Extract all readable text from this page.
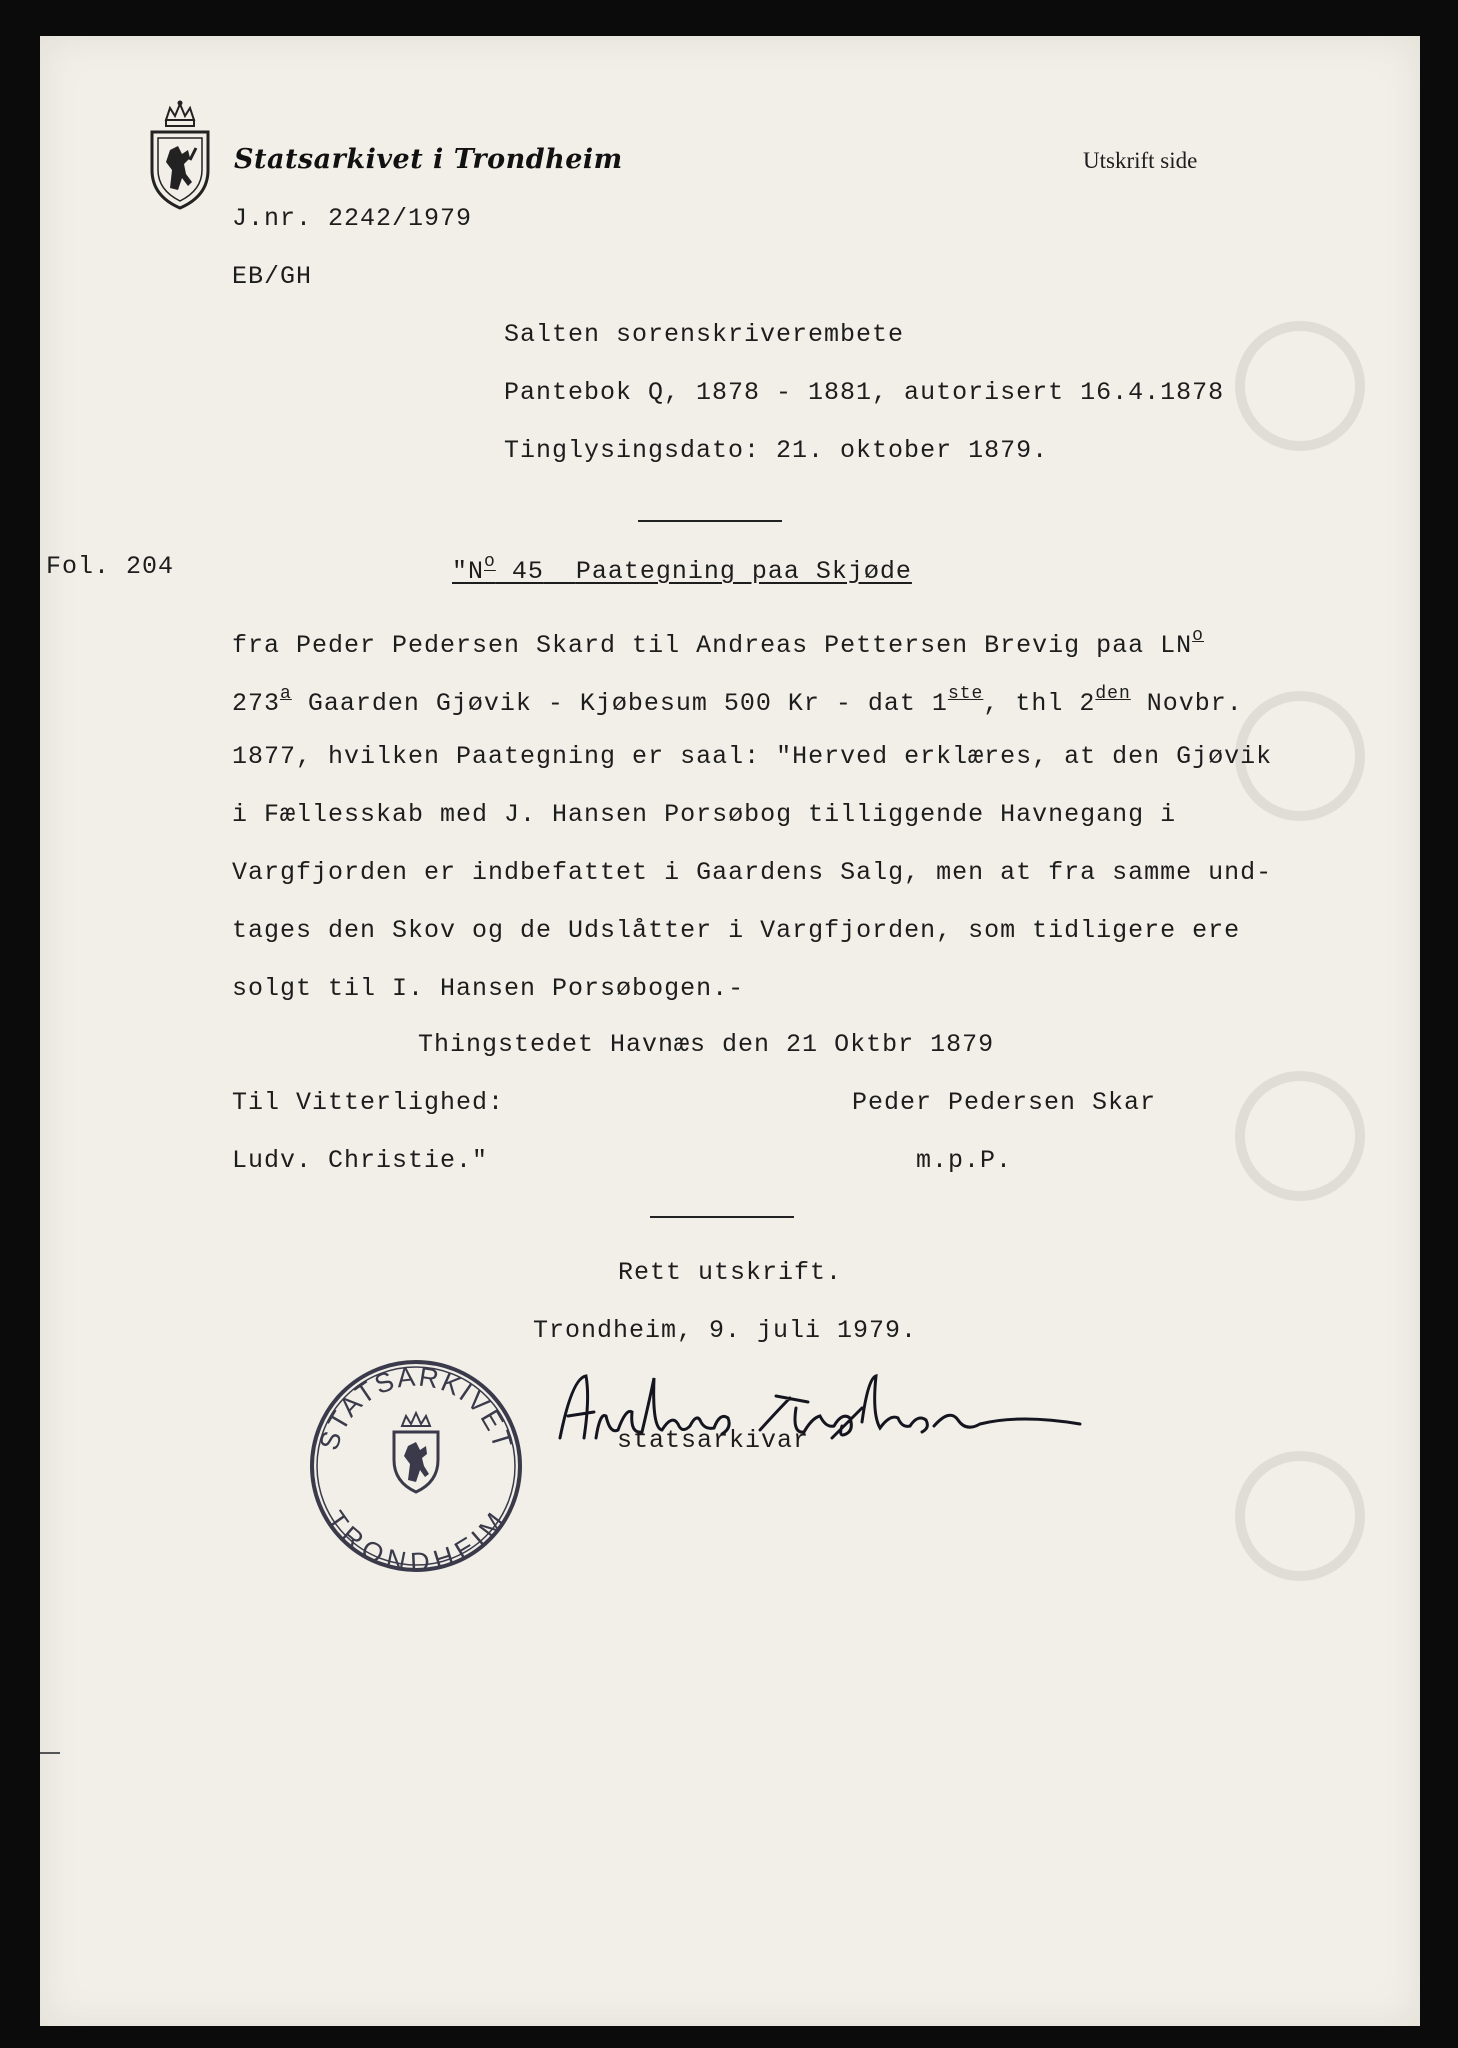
Statsarkivet i Trondheim	Utskrift side
J.nr. 2242/1979
EB/GH
Salten sorenskriverembete
Pantebok Q, 1878 - 1881, autorisert 16.4.1878
Tinglysingsdato: 21. oktober 1879.
Fol. 204	"$N^o$ 45 Paategning paa Skjøde
fra Peder Pedersen Skard til Andreas Pettersen Brevig paa $LN^o$
273$^a$ Gaarden Gjøvik - Kjøbesum 500 Kr - dat 1ste, thl $2^{den}$ Novbr.
1877, hvilken Paategning er saal: "Herved erklæres, at den Gjøvik
i Fællesskab med J. Hansen Porsøbog tilliggende Havnegang i
Vargfjorden er indbefattet i Gaardens Salg, men at fra samme und-
tages den Skov og de Udslåtter i Vargfjorden, som tidligere ere
solgt til I. Hansen Porsøbogen.-
Thingstedet Havnæs den 21 Oktbr 1879
Til Vitterlighed:	Peder Pedersen Skar
Ludv. Christie."	m.p.P.
Rett utskrift.
Trondheim, 9. juli 1979.
STATSARKIVET
TRONDHEIM
statsarkivar
